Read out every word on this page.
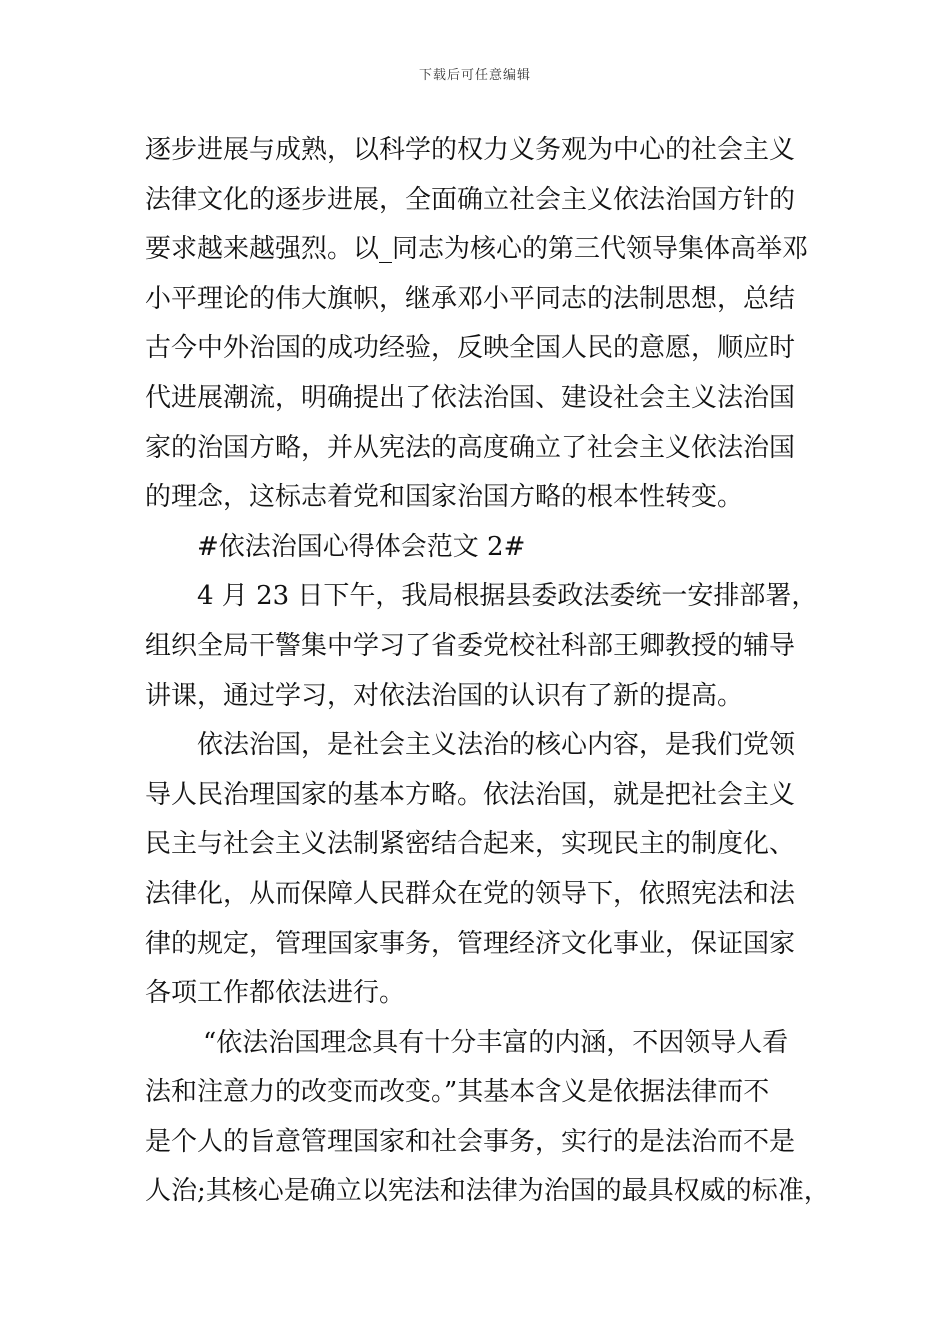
下载后可任意编辑
逐步进展与成熟，以科学的权力义务观为中心的社会主义
法律文化的逐步进展，全面确立社会主义依法治国方针的
要求越来越强烈。以_同志为核心的第三代领导集体高举邓
小平理论的伟大旗帜，继承邓小平同志的法制思想，总结
古今中外治国的成功经验，反映全国人民的意愿，顺应时
代进展潮流，明确提出了依法治国、建设社会主义法治国
家的治国方略，并从宪法的高度确立了社会主义依法治国
的理念，这标志着党和国家治国方略的根本性转变。
#依法治国心得体会范文 2#
4 月 23 日下午，我局根据县委政法委统一安排部署，
组织全局干警集中学习了省委党校社科部王卿教授的辅导
讲课，通过学习，对依法治国的认识有了新的提高。
依法治国，是社会主义法治的核心内容，是我们党领
导人民治理国家的基本方略。依法治国，就是把社会主义
民主与社会主义法制紧密结合起来，实现民主的制度化、
法律化，从而保障人民群众在党的领导下，依照宪法和法
律的规定，管理国家事务，管理经济文化事业，保证国家
各项工作都依法进行。
“依法治国理念具有十分丰富的内涵，不因领导人看
法和注意力的改变而改变。”其基本含义是依据法律而不
是个人的旨意管理国家和社会事务，实行的是法治而不是
人治;其核心是确立以宪法和法律为治国的最具权威的标准，
